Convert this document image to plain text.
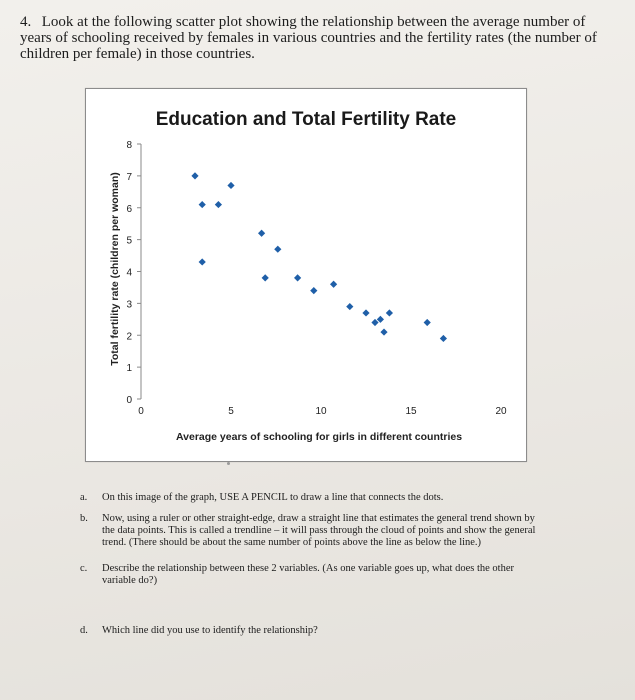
4. Look at the following scatter plot showing the relationship between the average number of years of schooling received by females in various countries and the fertility rates (the number of children per female) in those countries.
Education and Total Fertility Rate
Total fertility rate (children per woman)
Average years of schooling for girls in different countries
0
1
2
3
4
5
6
7
8
0	5	10	15	20
a.	On this image of the graph, USE A PENCIL to draw a line that connects the dots.
b.	Now, using a ruler or other straight-edge, draw a straight line that estimates the general trend shown by the data points. This is called a trendline – it will pass through the cloud of points and show the general trend. (There should be about the same number of points above the line as below the line.)
c.	Describe the relationship between these 2 variables. (As one variable goes up, what does the other variable do?)
d.	Which line did you use to identify the relationship?
